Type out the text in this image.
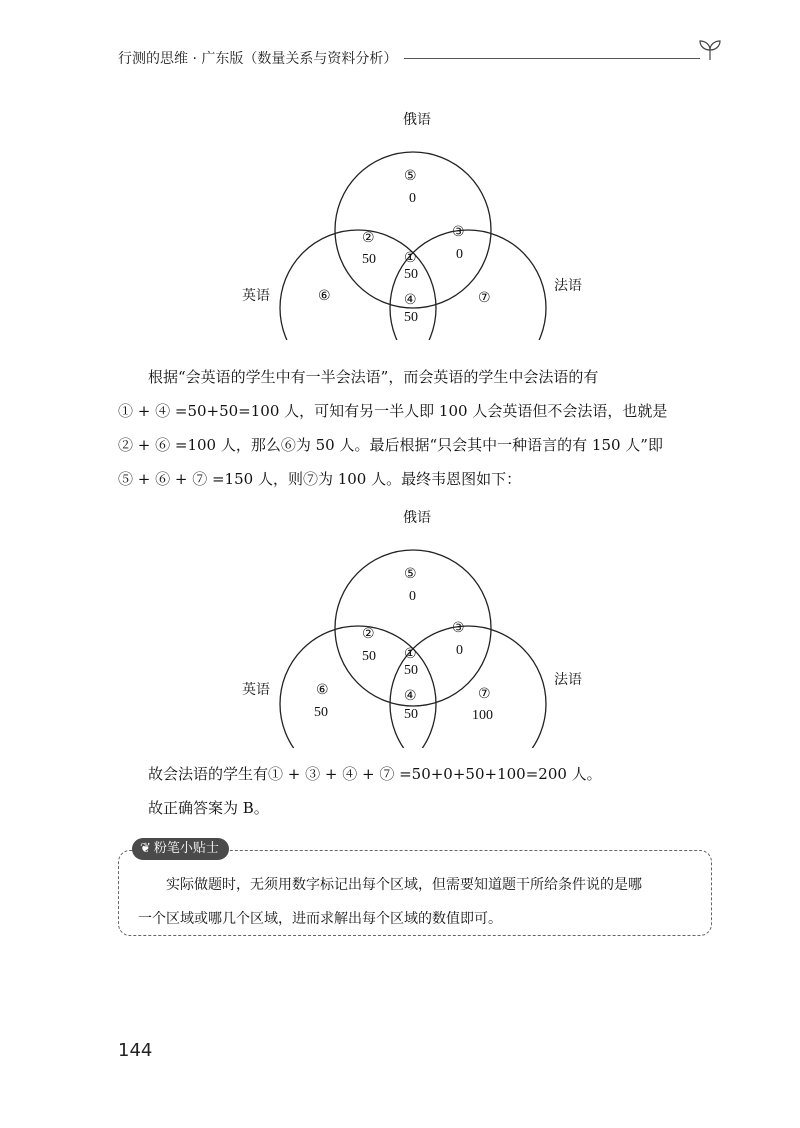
行测的思维 · 广东版（数量关系与资料分析）
俄语
英语
法语
⑤
0
②
50
③
0
①
50
⑥	④
50
⑦
根据“会英语的学生中有一半会法语”，而会英语的学生中会法语的有
① + ④ =50+50=100 人，可知有另一半人即 100 人会英语但不会法语，也就是
② + ⑥ =100 人，那么⑥为 50 人。最后根据“只会其中一种语言的有 150 人”即
⑤ + ⑥ + ⑦ =150 人，则⑦为 100 人。最终韦恩图如下：
俄语
英语
法语
⑤
0
②
50
③
0
①
50
⑥
50
④
50
⑦
100
故会法语的学生有① + ③ + ④ + ⑦ =50+0+50+100=200 人。
故正确答案为 B。
❦ 粉笔小贴士
实际做题时，无须用数字标记出每个区域，但需要知道题干所给条件说的是哪
一个区域或哪几个区域，进而求解出每个区域的数值即可。
144
